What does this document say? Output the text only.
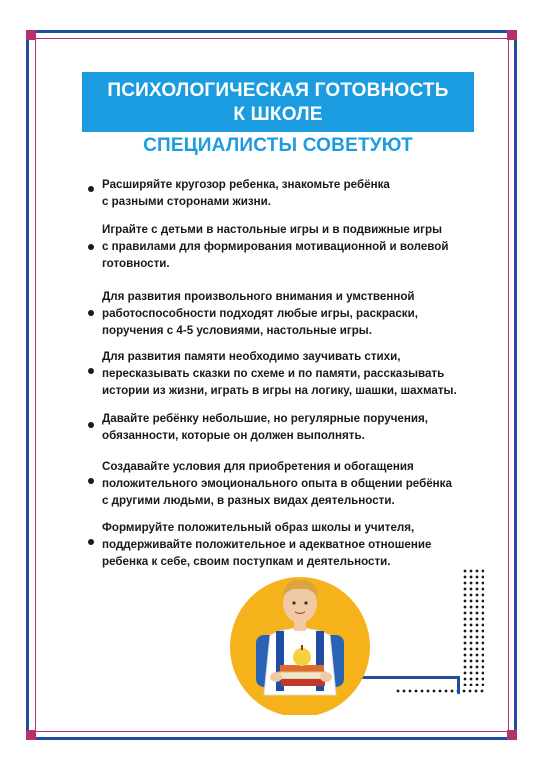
ПСИХОЛОГИЧЕСКАЯ ГОТОВНОСТЬ
К ШКОЛЕ
СПЕЦИАЛИСТЫ СОВЕТУЮТ
Расширяйте кругозор ребенка, знакомьте ребёнка
с разными сторонами жизни.
Играйте с детьми в настольные игры и в подвижные игры
с правилами для формирования мотивационной и волевой
готовности.
Для развития произвольного внимания и умственной
работоспособности подходят любые игры, раскраски,
поручения с 4-5 условиями, настольные игры.
Для развития памяти необходимо заучивать стихи,
пересказывать сказки по схеме и по памяти, рассказывать
истории из жизни, играть в игры на логику, шашки, шахматы.
Давайте ребёнку небольшие, но регулярные поручения,
обязанности, которые он должен выполнять.
Создавайте условия для приобретения и обогащения
положительного эмоционального опыта в общении ребёнка
с другими людьми, в разных видах деятельности.
Формируйте положительный образ школы и учителя,
поддерживайте положительное и адекватное отношение
ребенка к себе, своим поступкам и деятельности.
